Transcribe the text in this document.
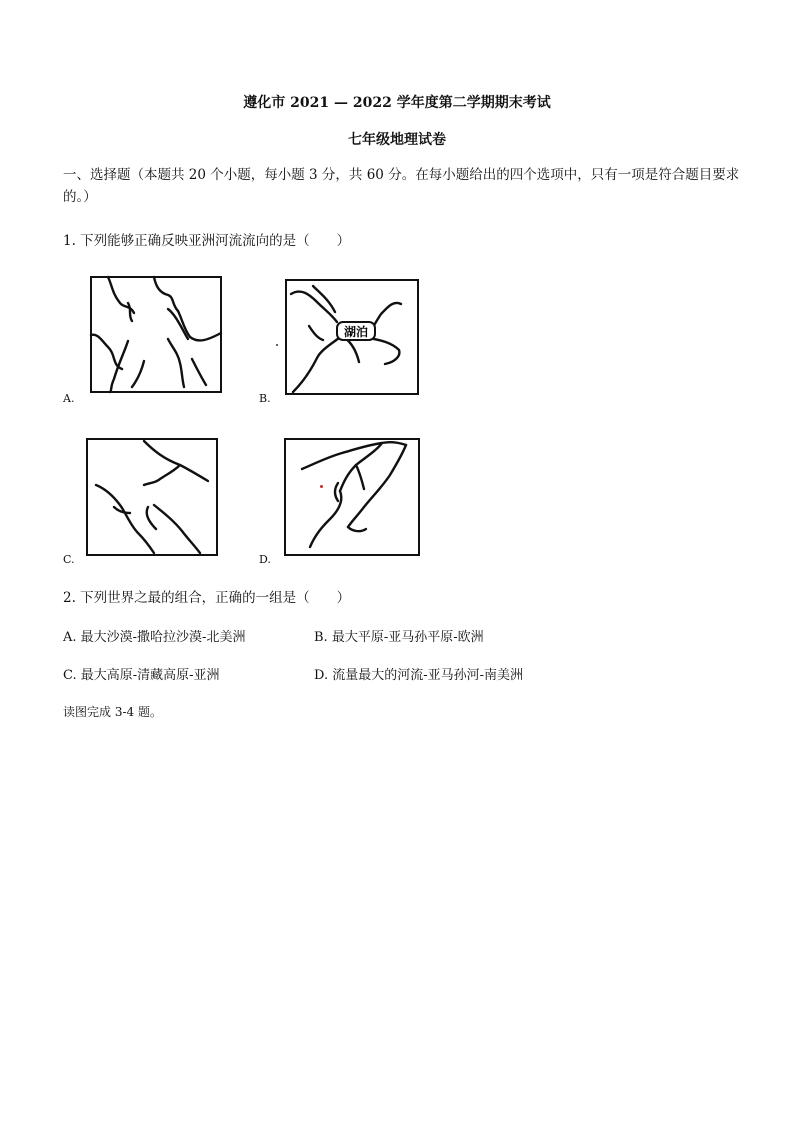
遵化市 2021 — 2022 学年度第二学期期末考试
七年级地理试卷
一、选择题（本题共 20 个小题，每小题 3 分，共 60 分。在每小题给出的四个选项中，只有一项是符合题目要求的。）
1. 下列能够正确反映亚洲河流流向的是（　　）
A.
湖泊
B.
C.	D.
2. 下列世界之最的组合，正确的一组是（　　）
A. 最大沙漠-撒哈拉沙漠-北美洲	B. 最大平原-亚马孙平原-欧洲
C. 最大高原-清藏高原-亚洲	D. 流量最大的河流-亚马孙河-南美洲
读图完成 3-4 题。
